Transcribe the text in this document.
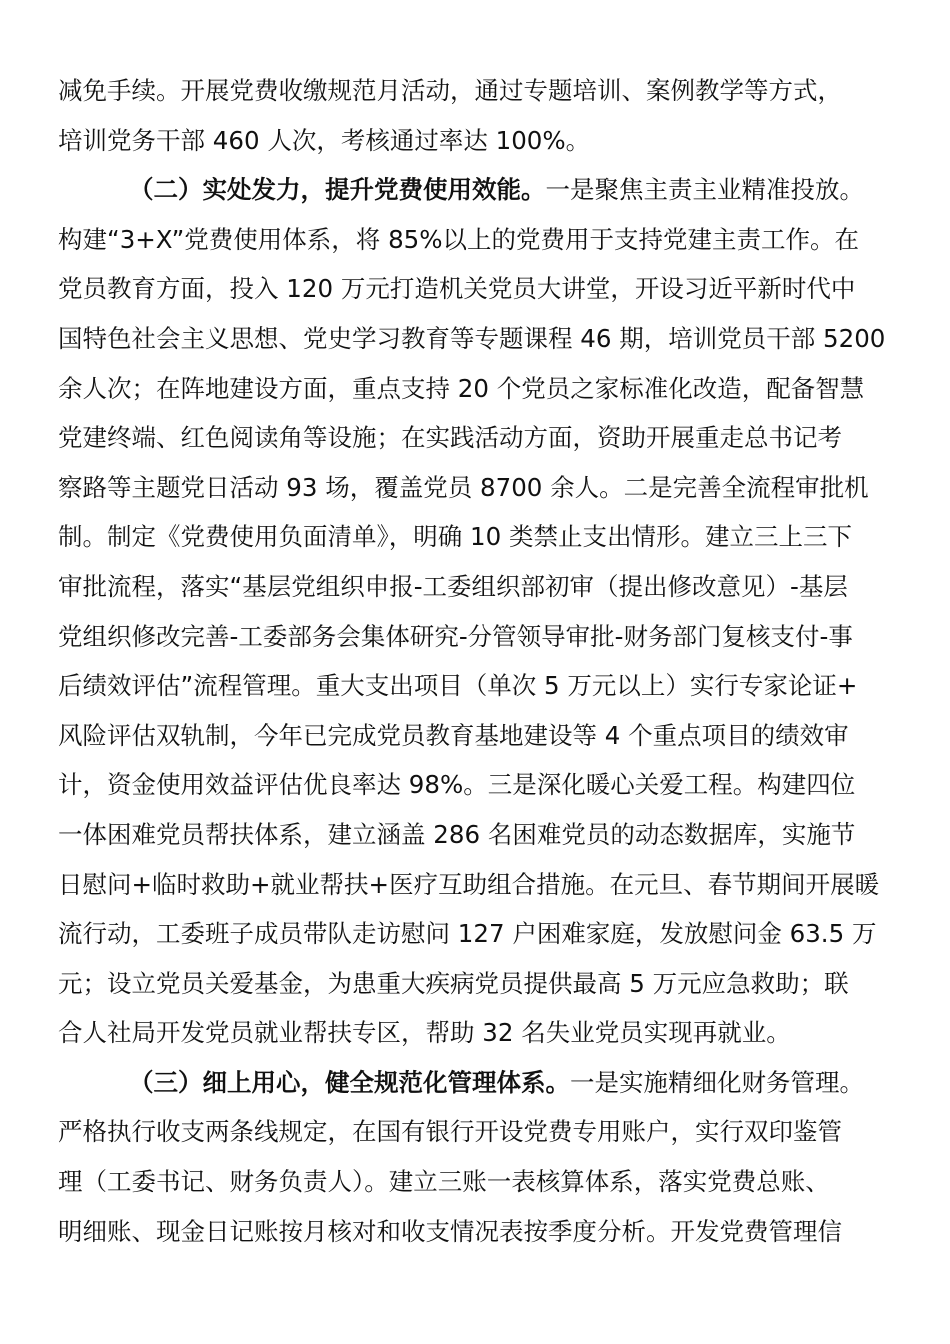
减免手续。开展党费收缴规范月活动，通过专题培训、案例教学等方式，
培训党务干部 460 人次，考核通过率达 100%。
（二）实处发力，提升党费使用效能。一是聚焦主责主业精准投放。
构建“3+X”党费使用体系，将 85%以上的党费用于支持党建主责工作。在
党员教育方面，投入 120 万元打造机关党员大讲堂，开设习近平新时代中
国特色社会主义思想、党史学习教育等专题课程 46 期，培训党员干部 5200
余人次；在阵地建设方面，重点支持 20 个党员之家标准化改造，配备智慧
党建终端、红色阅读角等设施；在实践活动方面，资助开展重走总书记考
察路等主题党日活动 93 场，覆盖党员 8700 余人。二是完善全流程审批机
制。制定《党费使用负面清单》，明确 10 类禁止支出情形。建立三上三下
审批流程，落实“基层党组织申报-工委组织部初审（提出修改意见）-基层
党组织修改完善-工委部务会集体研究-分管领导审批-财务部门复核支付-事
后绩效评估”流程管理。重大支出项目（单次 5 万元以上）实行专家论证+
风险评估双轨制，今年已完成党员教育基地建设等 4 个重点项目的绩效审
计，资金使用效益评估优良率达 98%。三是深化暖心关爱工程。构建四位
一体困难党员帮扶体系，建立涵盖 286 名困难党员的动态数据库，实施节
日慰问+临时救助+就业帮扶+医疗互助组合措施。在元旦、春节期间开展暖
流行动，工委班子成员带队走访慰问 127 户困难家庭，发放慰问金 63.5 万
元；设立党员关爱基金，为患重大疾病党员提供最高 5 万元应急救助；联
合人社局开发党员就业帮扶专区，帮助 32 名失业党员实现再就业。
（三）细上用心，健全规范化管理体系。一是实施精细化财务管理。
严格执行收支两条线规定，在国有银行开设党费专用账户，实行双印鉴管
理（工委书记、财务负责人）。建立三账一表核算体系，落实党费总账、
明细账、现金日记账按月核对和收支情况表按季度分析。开发党费管理信
